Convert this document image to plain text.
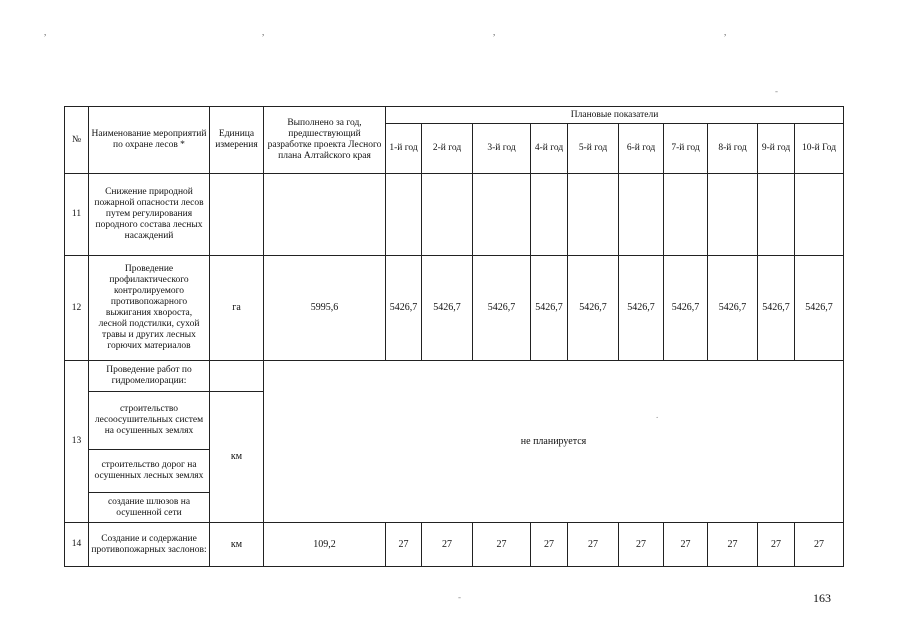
,	,	,	,
-
.
-
№	Наименование мероприятий по охране лесов *	Единица измерения	Выполнено за год, предшествующий разработке проекта Лесного плана Алтайского края	Плановые показатели									
				1-й год	2-й год	3-й год	4-й год	5-й год	6-й год	7-й год	8-й год	9-й год	10-й Год
11	Снижение природной пожарной опасности лесов путем регулирования породного состава лесных насаждений												
12	Проведение профилактического контролируемого противопожарного выжигания хвороста, лесной подстилки, сухой травы и других лесных горючих материалов	га	5995,6	5426,7	5426,7	5426,7	5426,7	5426,7	5426,7	5426,7	5426,7	5426,7	5426,7
13	Проведение работ по гидромелиорации:		не планируется										
	строительство лесоосушительных систем на осушенных землях	км											
	строительство дорог на осушенных лесных землях												
	создание шлюзов на осушенной сети												
14	Создание и содержание противопожарных заслонов:	км	109,2	27	27	27	27	27	27	27	27	27	27
163
